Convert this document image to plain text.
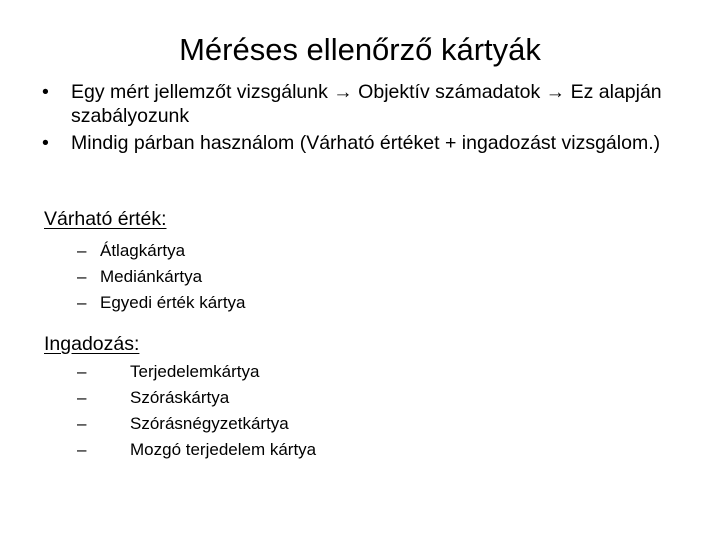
Méréses ellenőrző kártyák
•	Egy mért jellemzőt vizsgálunk → Objektív számadatok → Ez alapján szabályozunk
•	Mindig párban használom (Várható értéket + ingadozást vizsgálom.)
Várható érték:
– Átlagkártya
– Mediánkártya
– Egyedi érték kártya
Ingadozás:
–	Terjedelemkártya
–	Szóráskártya
–	Szórásnégyzetkártya
–	Mozgó terjedelem kártya
